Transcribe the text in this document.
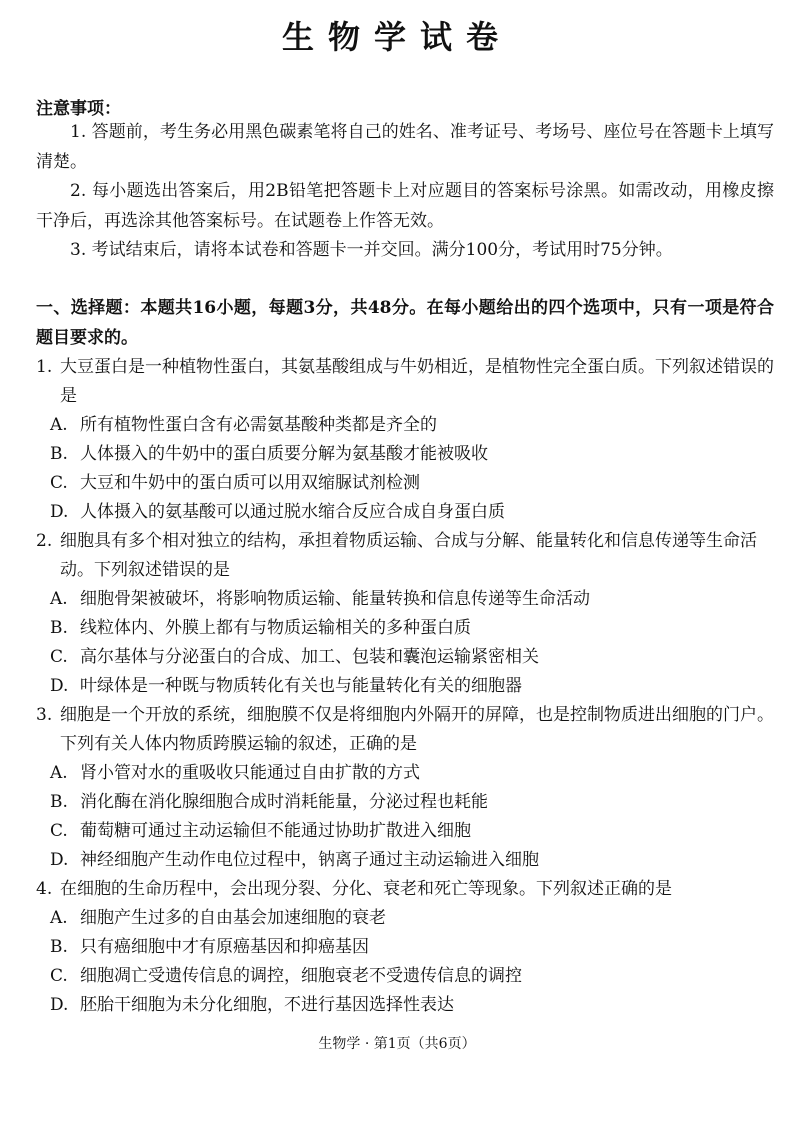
生物学试卷
注意事项：

1. 答题前，考生务必用黑色碳素笔将自己的姓名、准考证号、考场号、座位号在答题卡上填写清楚。

2. 每小题选出答案后，用2B铅笔把答题卡上对应题目的答案标号涂黑。如需改动，用橡皮擦干净后，再选涂其他答案标号。在试题卷上作答无效。

3. 考试结束后，请将本试卷和答题卡一并交回。满分100分，考试用时75分钟。

一、选择题：本题共16小题，每题3分，共48分。在每小题给出的四个选项中，只有一项是符合题目要求的。
1. 大豆蛋白是一种植物性蛋白，其氨基酸组成与牛奶相近，是植物性完全蛋白质。下列叙述错误的是
A. 所有植物性蛋白含有必需氨基酸种类都是齐全的
B. 人体摄入的牛奶中的蛋白质要分解为氨基酸才能被吸收
C. 大豆和牛奶中的蛋白质可以用双缩脲试剂检测
D. 人体摄入的氨基酸可以通过脱水缩合反应合成自身蛋白质
2. 细胞具有多个相对独立的结构，承担着物质运输、合成与分解、能量转化和信息传递等生命活动。下列叙述错误的是
A. 细胞骨架被破坏，将影响物质运输、能量转换和信息传递等生命活动
B. 线粒体内、外膜上都有与物质运输相关的多种蛋白质
C. 高尔基体与分泌蛋白的合成、加工、包装和囊泡运输紧密相关
D. 叶绿体是一种既与物质转化有关也与能量转化有关的细胞器
3. 细胞是一个开放的系统，细胞膜不仅是将细胞内外隔开的屏障，也是控制物质进出细胞的门户。下列有关人体内物质跨膜运输的叙述，正确的是
A. 肾小管对水的重吸收只能通过自由扩散的方式
B. 消化酶在消化腺细胞合成时消耗能量，分泌过程也耗能
C. 葡萄糖可通过主动运输但不能通过协助扩散进入细胞
D. 神经细胞产生动作电位过程中，钠离子通过主动运输进入细胞
4. 在细胞的生命历程中，会出现分裂、分化、衰老和死亡等现象。下列叙述正确的是
A. 细胞产生过多的自由基会加速细胞的衰老
B. 只有癌细胞中才有原癌基因和抑癌基因
C. 细胞凋亡受遗传信息的调控，细胞衰老不受遗传信息的调控
D. 胚胎干细胞为未分化细胞，不进行基因选择性表达
生物学 · 第1页（共6页）
